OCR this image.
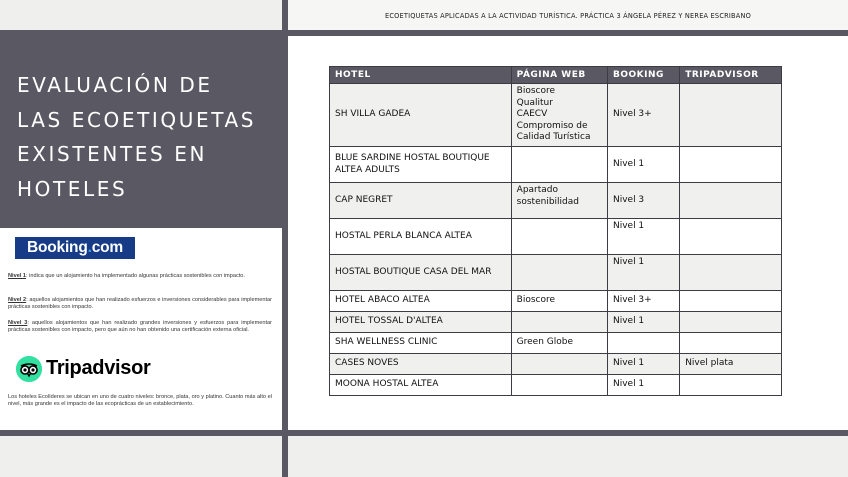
ECOETIQUETAS APLICADAS A LA ACTIVIDAD TURÍSTICA. PRÁCTICA 3 ÁNGELA PÉREZ Y NEREA ESCRIBANO
EVALUACIÓN DE
LAS ECOETIQUETAS
EXISTENTES EN
HOTELES
Booking.com
Nivel 1: indica que un alojamiento ha implementado algunas prácticas sostenibles con impacto.
Nivel 2: aquellos alojamientos que han realizado esfuerzos e inversiones considerables para implementar prácticas sostenibles con impacto.
Nivel 3: aquellos alojamientos que han realizado grandes inversiones y esfuerzos para implementar prácticas sostenibles con impacto, pero que aún no han obtenido una certificación externa oficial.
Tripadvisor
Los hoteles Ecolíderes se ubican en uno de cuatro niveles: bronce, plata, oro y platino. Cuanto más alto el nivel, más grande es el impacto de las ecoprácticas de un establecimiento.
HOTEL	PÁGINA WEB	BOOKING	TRIPADVISOR
SH VILLA GADEA	Bioscore
Qualitur
CAECV
Compromiso de Calidad Turística	Nivel 3+	
BLUE SARDINE HOSTAL BOUTIQUE ALTEA ADULTS		Nivel 1	
CAP NEGRET	Apartado sostenibilidad	Nivel 3	
HOSTAL PERLA BLANCA ALTEA		Nivel 1	
HOSTAL BOUTIQUE CASA DEL MAR		Nivel 1	
HOTEL ABACO ALTEA	Bioscore	Nivel 3+	
HOTEL TOSSAL D'ALTEA		Nivel 1	
SHA WELLNESS CLINIC	Green Globe		
CASES NOVES		Nivel 1	Nivel plata
MOONA HOSTAL ALTEA		Nivel 1	
